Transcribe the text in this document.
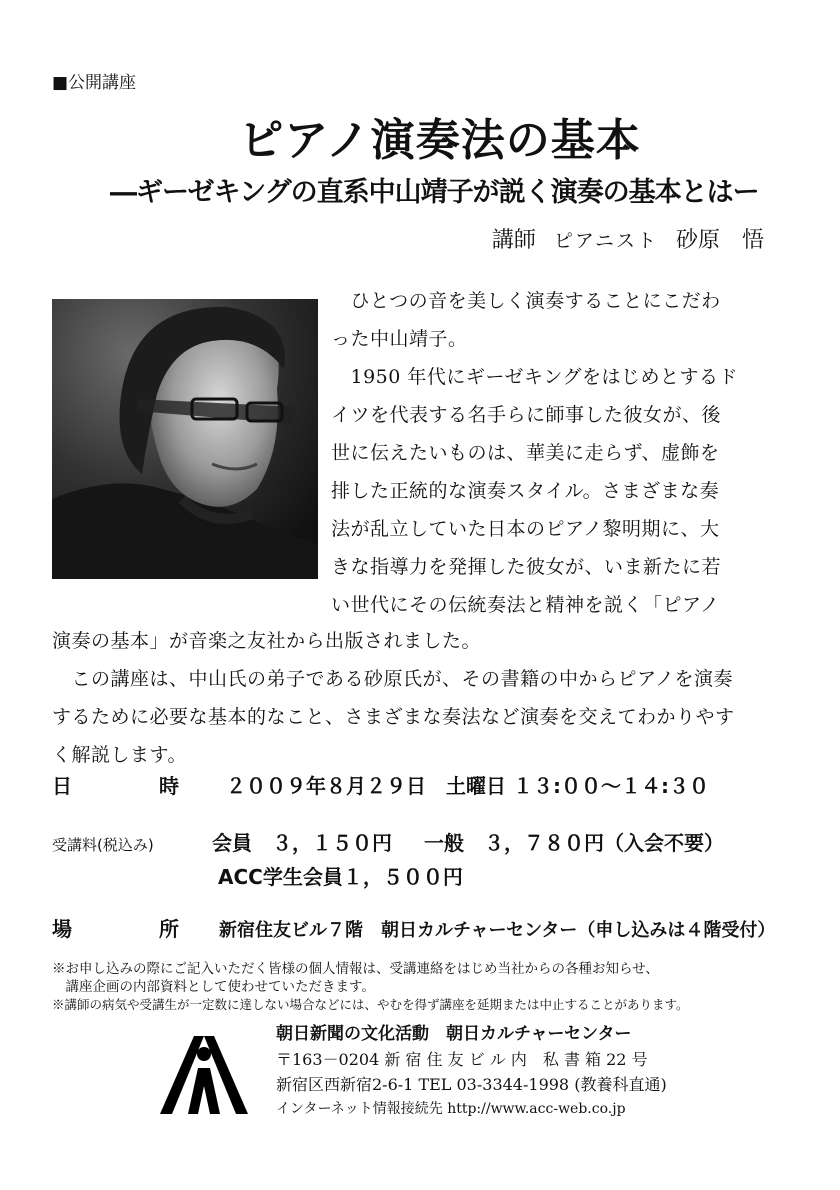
■公開講座
ピアノ演奏法の基本
―ギーゼキングの直系中山靖子が説く演奏の基本とはー
講師 ピアニスト 砂原　悟

　ひとつの音を美しく演奏することにこだわ

った中山靖子。

　1950 年代にギーゼキングをはじめとするド

イツを代表する名手らに師事した彼女が、後

世に伝えたいものは、華美に走らず、虚飾を

排した正統的な演奏スタイル。さまざまな奏

法が乱立していた日本のピアノ黎明期に、大

きな指導力を発揮した彼女が、いま新たに若

い世代にその伝統奏法と精神を説く「ピアノ

演奏の基本」が音楽之友社から出版されました。

　この講座は、中山氏の弟子である砂原氏が、その書籍の中からピアノを演奏

するために必要な基本的なこと、さまざまな奏法など演奏を交えてわかりやす

く解説します。

日	時 ２００９年８月２９日　土曜日 １３:００～１４:３０
受講料(税込み)	会員　３，１５０円 一般　３，７８０円（入会不要）
ACC学生会員１，５００円
場	所 新宿住友ビル７階　朝日カルチャーセンター（申し込みは４階受付）
※お申し込みの際にご記入いただく皆様の個人情報は、受講連絡をはじめ当社からの各種お知らせ、
　講座企画の内部資料として使わせていただきます。
※講師の病気や受講生が一定数に達しない場合などには、やむを得ず講座を延期または中止することがあります。
朝日新聞の文化活動　朝日カルチャーセンター
〒163－0204 新 宿 住 友 ビ ル 内　私 書 箱 22 号
新宿区西新宿2-6-1 TEL 03-3344-1998 (教養科直通)
インターネット情報接続先 http://www.acc-web.co.jp
